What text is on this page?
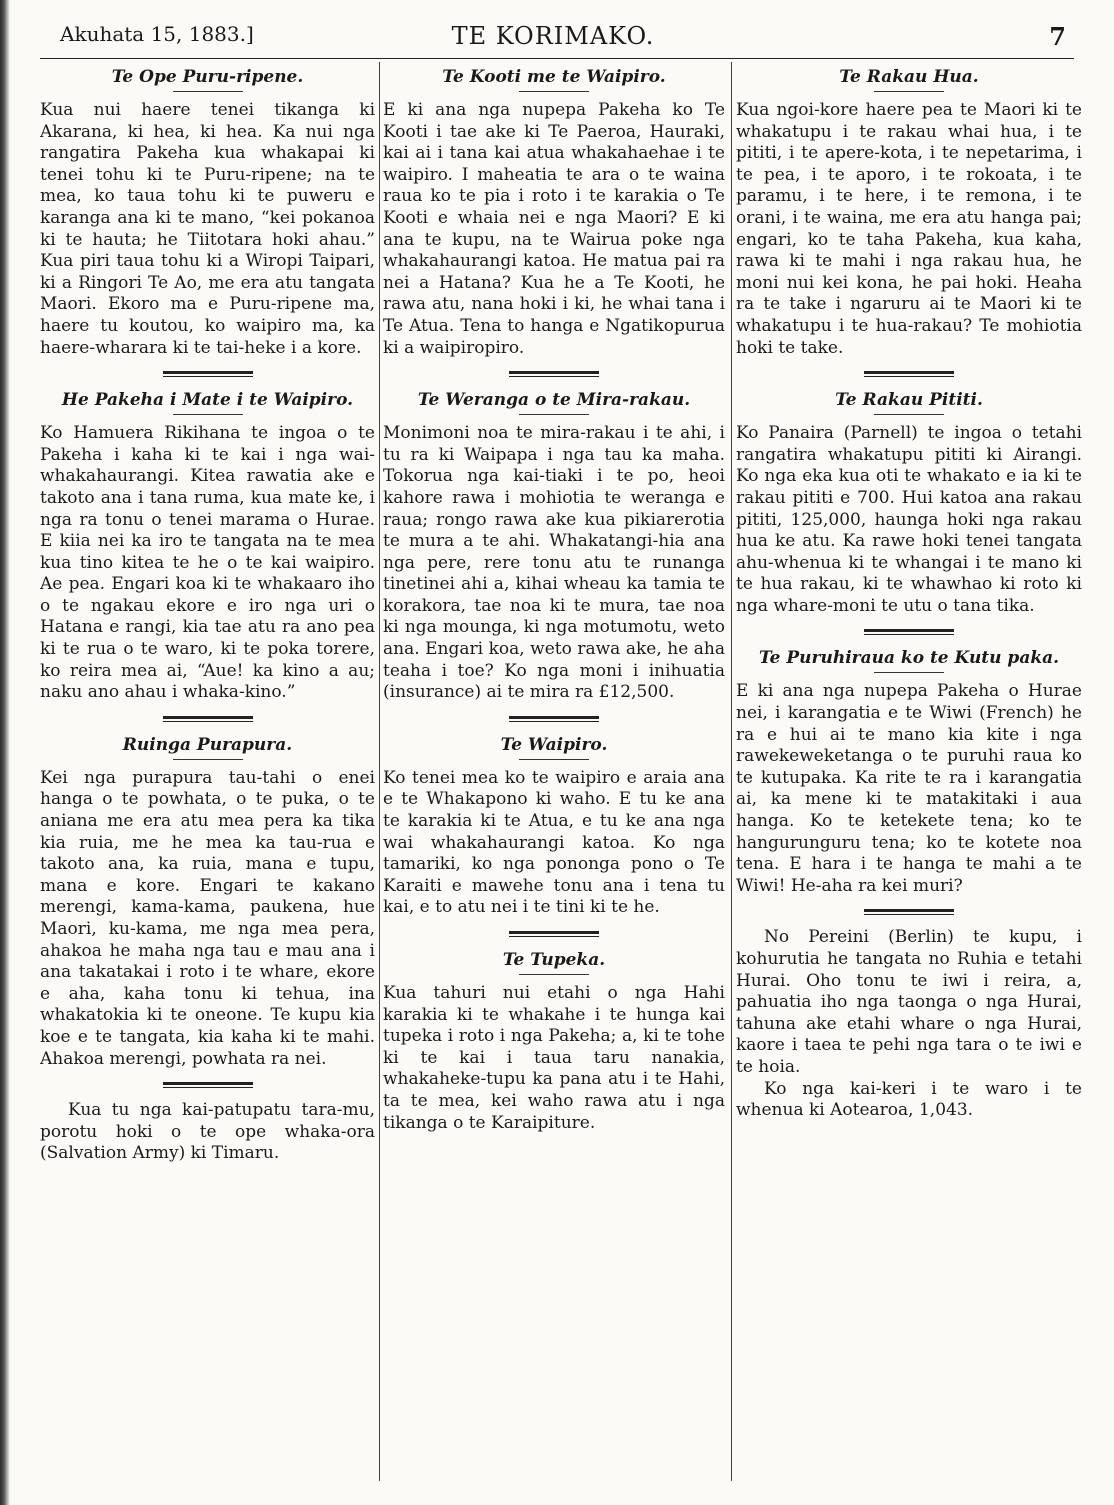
Akuhata 15, 1883.]	TE KORIMAKO.	7
Te Ope Puru-ripene.

Kua nui haere tenei tikanga ki Akarana, ki hea, ki hea. Ka nui nga rangatira Pakeha kua whakapai ki tenei tohu ki te Puru-ripene; na te mea, ko taua tohu ki te puweru e karanga ana ki te mano, “kei pokanoa ki te hauta; he Tiitotara hoki ahau.” Kua piri taua tohu ki a Wiropi Taipari, ki a Ringori Te Ao, me era atu tangata Maori. Ekoro ma e Puru-ripene ma, haere tu koutou, ko waipiro ma, ka haere-wharara ki te tai-heke i a kore.

He Pakeha i Mate i te Waipiro.

Ko Hamuera Rikihana te ingoa o te Pakeha i kaha ki te kai i nga wai-whakahaurangi. Kitea rawatia ake e takoto ana i tana ruma, kua mate ke, i nga ra tonu o tenei marama o Hurae. E kiia nei ka iro te tangata na te mea kua tino kitea te he o te kai waipiro. Ae pea. Engari koa ki te whakaaro iho o te ngakau ekore e iro nga uri o Hatana e rangi, kia tae atu ra ano pea ki te rua o te waro, ki te poka torere, ko reira mea ai, “Aue! ka kino a au; naku ano ahau i whaka-kino.”

Ruinga Purapura.

Kei nga purapura tau-tahi o enei hanga o te powhata, o te puka, o te aniana me era atu mea pera ka tika kia ruia, me he mea ka tau-rua e takoto ana, ka ruia, mana e tupu, mana e kore. Engari te kakano merengi, kama-kama, paukena, hue Maori, ku-kama, me nga mea pera, ahakoa he maha nga tau e mau ana i ana takatakai i roto i te whare, ekore e aha, kaha tonu ki tehua, ina whakatokia ki te oneone. Te kupu kia koe e te tangata, kia kaha ki te mahi. Ahakoa merengi, powhata ra nei.

Kua tu nga kai-patupatu tara-mu, porotu hoki o te ope whaka-ora (Salvation Army) ki Timaru.

Te Kooti me te Waipiro.

E ki ana nga nupepa Pakeha ko Te Kooti i tae ake ki Te Paeroa, Hauraki, kai ai i tana kai atua whakahaehae i te waipiro. I maheatia te ara o te waina raua ko te pia i roto i te karakia o Te Kooti e whaia nei e nga Maori? E ki ana te kupu, na te Wairua poke nga whakahaurangi katoa. He matua pai ra nei a Hatana? Kua he a Te Kooti, he rawa atu, nana hoki i ki, he whai tana i Te Atua. Tena to hanga e Ngatikopurua ki a waipiropiro.

Te Weranga o te Mira-rakau.

Monimoni noa te mira-rakau i te ahi, i tu ra ki Waipapa i nga tau ka maha. Tokorua nga kai-tiaki i te po, heoi kahore rawa i mohiotia te weranga e raua; rongo rawa ake kua pikiarerotia te mura a te ahi. Whakatangi-hia ana nga pere, rere tonu atu te runanga tinetinei ahi a, kihai wheau ka tamia te korakora, tae noa ki te mura, tae noa ki nga mounga, ki nga motumotu, weto ana. Engari koa, weto rawa ake, he aha teaha i toe? Ko nga moni i inihuatia (insurance) ai te mira ra £12,500.

Te Waipiro.

Ko tenei mea ko te waipiro e araia ana e te Whakapono ki waho. E tu ke ana te karakia ki te Atua, e tu ke ana nga wai whakahaurangi katoa. Ko nga tamariki, ko nga pononga pono o Te Karaiti e mawehe tonu ana i tena tu kai, e to atu nei i te tini ki te he.

Te Tupeka.

Kua tahuri nui etahi o nga Hahi karakia ki te whakahe i te hunga kai tupeka i roto i nga Pakeha; a, ki te tohe ki te kai i taua taru nanakia, whakaheke-tupu ka pana atu i te Hahi, ta te mea, kei waho rawa atu i nga tikanga o te Karaipiture.

Te Rakau Hua.

Kua ngoi-kore haere pea te Maori ki te whakatupu i te rakau whai hua, i te pititi, i te apere-kota, i te nepetarima, i te pea, i te aporo, i te rokoata, i te paramu, i te here, i te remona, i te orani, i te waina, me era atu hanga pai; engari, ko te taha Pakeha, kua kaha, rawa ki te mahi i nga rakau hua, he moni nui kei kona, he pai hoki. Heaha ra te take i ngaruru ai te Maori ki te whakatupu i te hua-rakau? Te mohiotia hoki te take.

Te Rakau Pititi.

Ko Panaira (Parnell) te ingoa o tetahi rangatira whakatupu pititi ki Airangi. Ko nga eka kua oti te whakato e ia ki te rakau pititi e 700. Hui katoa ana rakau pititi, 125,000, haunga hoki nga rakau hua ke atu. Ka rawe hoki tenei tangata ahu-whenua ki te whangai i te mano ki te hua rakau, ki te whawhao ki roto ki nga whare-moni te utu o tana tika.

Te Puruhiraua ko te Kutu paka.

E ki ana nga nupepa Pakeha o Hurae nei, i karangatia e te Wiwi (French) he ra e hui ai te mano kia kite i nga rawekeweketanga o te puruhi raua ko te kutupaka. Ka rite te ra i karangatia ai, ka mene ki te matakitaki i aua hanga. Ko te ketekete tena; ko te hangurunguru tena; ko te kotete noa tena. E hara i te hanga te mahi a te Wiwi! He-aha ra kei muri?

No Pereini (Berlin) te kupu, i kohurutia he tangata no Ruhia e tetahi Hurai. Oho tonu te iwi i reira, a, pahuatia iho nga taonga o nga Hurai, tahuna ake etahi whare o nga Hurai, kaore i taea te pehi nga tara o te iwi e te hoia.

Ko nga kai-keri i te waro i te whenua ki Aotearoa, 1,043.
